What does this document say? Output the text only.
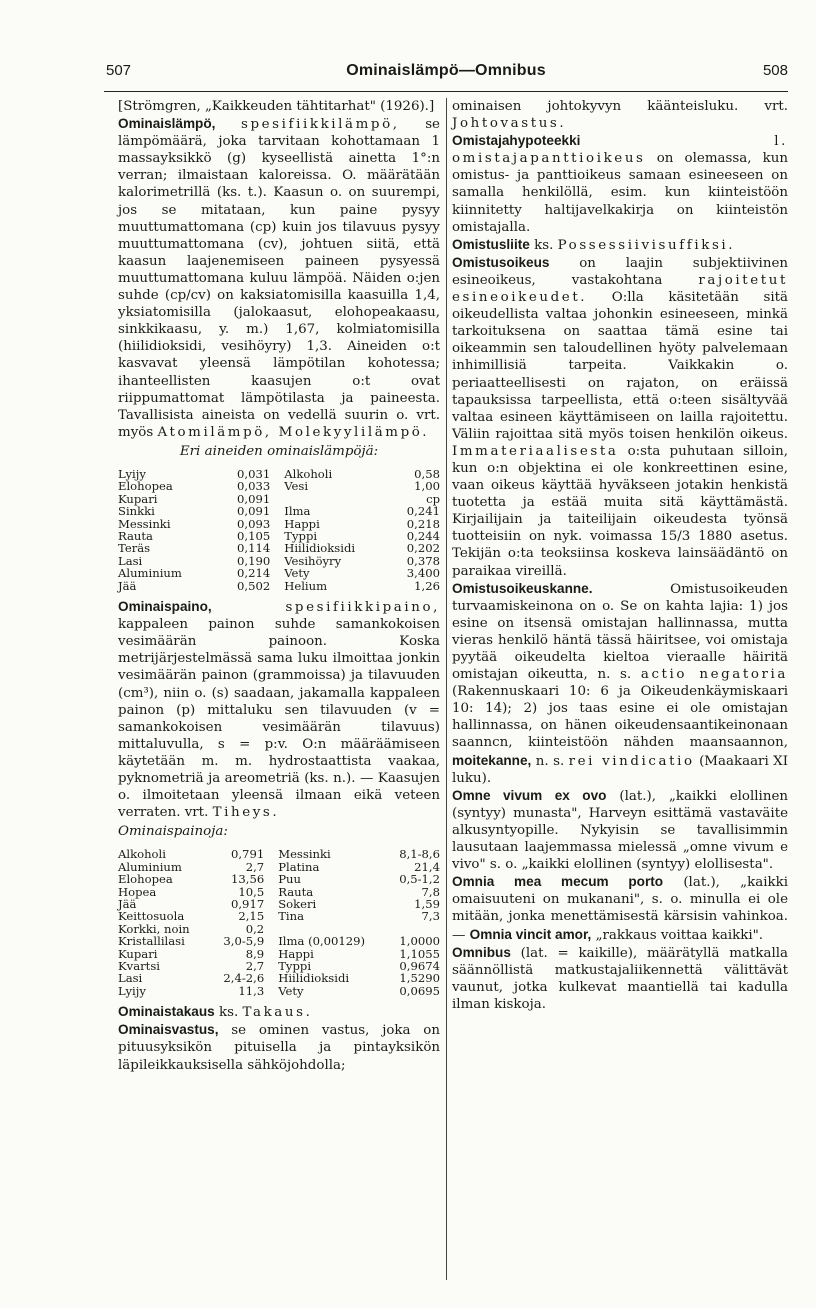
507	Ominaislämpö—Omnibus	508

[Strömgren, „Kaikkeuden tähtitarhat" (1926).]

Ominaislämpö, spesifiikkilämpö, se lämpömäärä, joka tarvitaan kohottamaan 1 massayksikkö (g) kyseellistä ainetta 1°:n verran; ilmaistaan kaloreissa. O. määrätään kalorimetrillä (ks. t.). Kaasun o. on suurempi, jos se mitataan, kun paine pysyy muuttumattomana (cp) kuin jos tilavuus pysyy muuttumattomana (cv), johtuen siitä, että kaasun laajenemiseen paineen pysyessä muuttumattomana kuluu lämpöä. Näiden o:jen suhde (cp/cv) on kaksiatomisilla kaasuilla 1,4, yksiatomisilla (jalokaasut, elohopeakaasu, sinkkikaasu, y. m.) 1,67, kolmiatomisilla (hiilidioksidi, vesihöyry) 1,3. Aineiden o:t kasvavat yleensä lämpötilan kohotessa; ihanteellisten kaasujen o:t ovat riippumattomat lämpötilasta ja paineesta. Tavallisista aineista on vedellä suurin o. vrt. myös Atomilämpö, Molekyylilämpö.

Eri aineiden ominaislämpöjä:
Lyijy	0,031	Alkoholi	0,58
Elohopea	0,033	Vesi	1,00
Kupari	0,091		cp
Sinkki	0,091	Ilma	0,241
Messinki	0,093	Happi	0,218
Rauta	0,105	Typpi	0,244
Teräs	0,114	Hiilidioksidi	0,202
Lasi	0,190	Vesihöyry	0,378
Aluminium	0,214	Vety	3,400
Jää	0,502	Helium	1,26

Ominaispaino,	spesifiikkipaino, kappaleen painon suhde samankokoisen vesimäärän painoon. Koska metrijärjestelmässä sama luku ilmoittaa jonkin vesimäärän painon (grammoissa) ja tilavuuden (cm³), niin o. (s) saadaan, jakamalla kappaleen painon (p) mittaluku sen tilavuuden (v = samankokoisen vesimäärän tilavuus) mittaluvulla, s = p:v. O:n määräämiseen käytetään m. m. hydrostaattista vaakaa, pyknometriä ja areometriä (ks. n.). — Kaasujen o. ilmoitetaan yleensä ilmaan eikä veteen verraten. vrt. Tiheys.

Ominaispainoja:
Alkoholi	0,791	Messinki	8,1-8,6
Aluminium	2,7	Platina	21,4
Elohopea	13,56	Puu	0,5-1,2
Hopea	10,5	Rauta	7,8
Jää	0,917	Sokeri	1,59
Keittosuola	2,15	Tina	7,3
Korkki, noin	0,2		
Kristallilasi	3,0-5,9	Ilma (0,00129)	1,0000
Kupari	8,9	Happi	1,1055
Kvartsi	2,7	Typpi	0,9674
Lasi	2,4-2,6	Hiilidioksidi	1,5290
Lyijy	11,3	Vety	0,0695

Ominaistakaus ks. Takaus.

Ominaisvastus, se ominen vastus, joka on pituusyksikön pituisella ja pintayksikön läpileikkauksisella sähköjohdolla;

ominaisen johtokyvyn käänteisluku. vrt. Johtovastus.

Omistajahypoteekki	l. omistajapanttioikeus on olemassa, kun omistus- ja panttioikeus samaan esineeseen on samalla henkilöllä, esim. kun kiinteistöön kiinnitetty haltijavelkakirja on kiinteistön omistajalla.

Omistusliite ks. Possessiivisuffiksi.

Omistusoikeus on laajin subjektiivinen esineoikeus, vastakohtana	rajoitetut esineoikeudet. O:lla käsitetään sitä oikeudellista valtaa johonkin esineeseen, minkä tarkoituksena on saattaa tämä esine tai oikeammin sen taloudellinen hyöty palvelemaan inhimillisiä tarpeita. Vaikkakin o. periaatteellisesti on rajaton, on eräissä tapauksissa tarpeellista, että o:teen sisältyvää valtaa esineen käyttämiseen on lailla rajoitettu. Väliin rajoittaa sitä myös toisen henkilön oikeus. Immateriaalisesta o:sta puhutaan silloin, kun o:n objektina ei ole konkreettinen esine, vaan oikeus käyttää hyväkseen jotakin henkistä tuotetta ja estää muita sitä käyttämästä. Kirjailijain ja taiteilijain oikeudesta työnsä tuotteisiin on nyk. voimassa 15/3 1880 asetus. Tekijän o:ta teoksiinsa koskeva lainsäädäntö on paraikaa vireillä.

Omistusoikeuskanne.	Omistusoikeuden turvaamiskeinona on o. Se on kahta lajia: 1) jos esine on itsensä omistajan hallinnassa, mutta vieras henkilö häntä tässä häiritsee, voi omistaja pyytää oikeudelta kieltoa vieraalle häiritä omistajan oikeutta, n. s. actio negatoria (Rakennuskaari 10: 6 ja Oikeudenkäymiskaari 10: 14); 2) jos taas esine ei ole omistajan hallinnassa, on hänen oikeudensaantikeinonaan saanncn, kiinteistöön nähden maansaannon, moitekanne, n. s. rei vindicatio (Maakaari XI luku).

Omne vivum ex ovo (lat.), „kaikki elollinen (syntyy) munasta", Harveyn esittämä vastaväite alkusyntyopille. Nykyisin se tavallisimmin lausutaan laajemmassa mielessä „omne vivum e vivo" s. o. „kaikki elollinen (syntyy) elollisesta".

Omnia mea mecum porto (lat.), „kaikki omaisuuteni on mukanani", s. o. minulla ei ole mitään, jonka menettämisestä kärsisin vahinkoa. — Omnia vincit amor, „rakkaus voittaa kaikki".

Omnibus (lat. = kaikille), määrätyllä matkalla säännöllistä matkustajaliikennettä välittävät vaunut, jotka kulkevat maantiellä tai kadulla ilman kiskoja.
